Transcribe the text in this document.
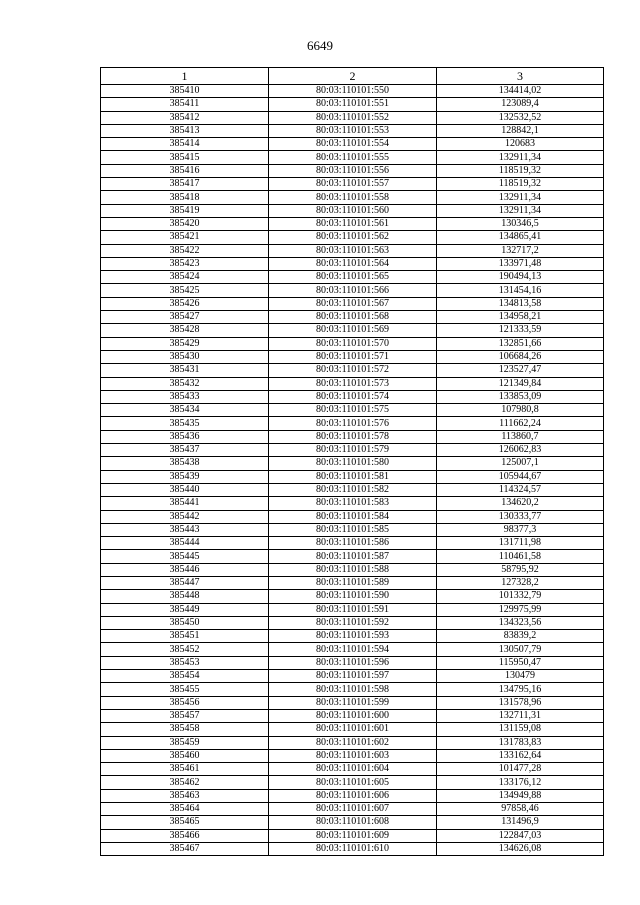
6649
1	2	3
385410	80:03:110101:550	134414,02
385411	80:03:110101:551	123089,4
385412	80:03:110101:552	132532,52
385413	80:03:110101:553	128842,1
385414	80:03:110101:554	120683
385415	80:03:110101:555	132911,34
385416	80:03:110101:556	118519,32
385417	80:03:110101:557	118519,32
385418	80:03:110101:558	132911,34
385419	80:03:110101:560	132911,34
385420	80:03:110101:561	130346,5
385421	80:03:110101:562	134865,41
385422	80:03:110101:563	132717,2
385423	80:03:110101:564	133971,48
385424	80:03:110101:565	190494,13
385425	80:03:110101:566	131454,16
385426	80:03:110101:567	134813,58
385427	80:03:110101:568	134958,21
385428	80:03:110101:569	121333,59
385429	80:03:110101:570	132851,66
385430	80:03:110101:571	106684,26
385431	80:03:110101:572	123527,47
385432	80:03:110101:573	121349,84
385433	80:03:110101:574	133853,09
385434	80:03:110101:575	107980,8
385435	80:03:110101:576	111662,24
385436	80:03:110101:578	113860,7
385437	80:03:110101:579	126062,83
385438	80:03:110101:580	125007,1
385439	80:03:110101:581	105944,67
385440	80:03:110101:582	114324,57
385441	80:03:110101:583	134620,2
385442	80:03:110101:584	130333,77
385443	80:03:110101:585	98377,3
385444	80:03:110101:586	131711,98
385445	80:03:110101:587	110461,58
385446	80:03:110101:588	58795,92
385447	80:03:110101:589	127328,2
385448	80:03:110101:590	101332,79
385449	80:03:110101:591	129975,99
385450	80:03:110101:592	134323,56
385451	80:03:110101:593	83839,2
385452	80:03:110101:594	130507,79
385453	80:03:110101:596	115950,47
385454	80:03:110101:597	130479
385455	80:03:110101:598	134795,16
385456	80:03:110101:599	131578,96
385457	80:03:110101:600	132711,31
385458	80:03:110101:601	131159,08
385459	80:03:110101:602	131783,83
385460	80:03:110101:603	133162,64
385461	80:03:110101:604	101477,28
385462	80:03:110101:605	133176,12
385463	80:03:110101:606	134949,88
385464	80:03:110101:607	97858,46
385465	80:03:110101:608	131496,9
385466	80:03:110101:609	122847,03
385467	80:03:110101:610	134626,08
